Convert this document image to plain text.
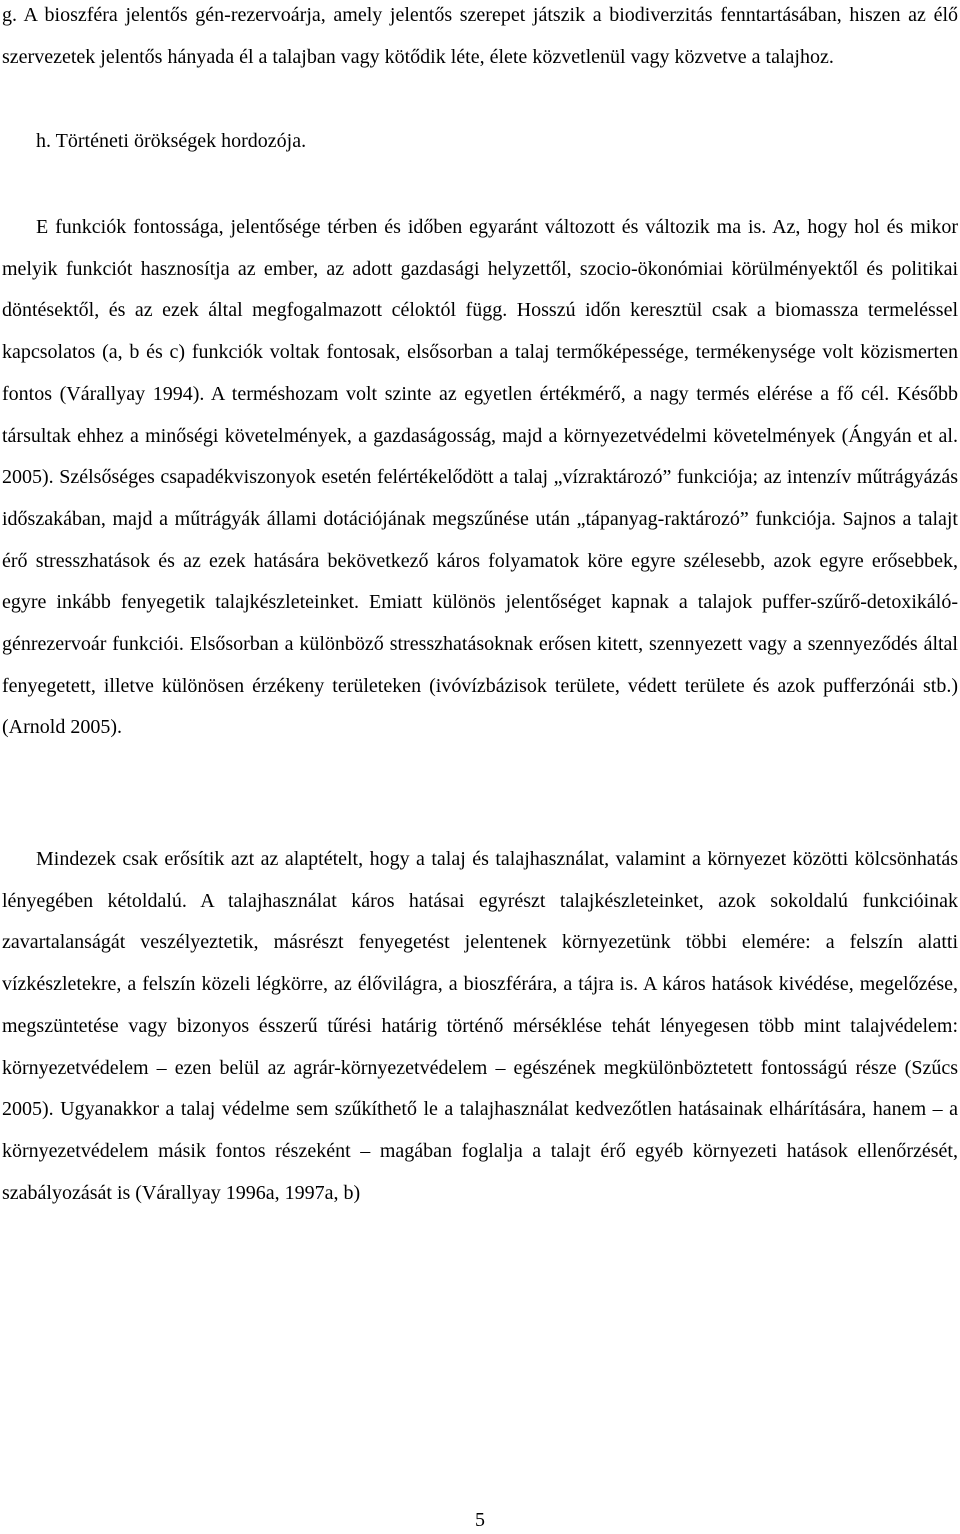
g. A bioszféra jelentős gén-rezervoárja, amely jelentős szerepet játszik a biodiverzitás fenntartásában, hiszen az élő szervezetek jelentős hányada él a talajban vagy kötődik léte, élete közvetlenül vagy közvetve a talajhoz.

h. Történeti örökségek hordozója.

E funkciók fontossága, jelentősége térben és időben egyaránt változott és változik ma is. Az, hogy hol és mikor melyik funkciót hasznosítja az ember, az adott gazdasági helyzettől, szocio-ökonómiai körülményektől és politikai döntésektől, és az ezek által megfogalmazott céloktól függ. Hosszú időn keresztül csak a biomassza termeléssel kapcsolatos (a, b és c) funkciók voltak fontosak, elsősorban a talaj termőképessége, termékenysége volt közismerten fontos (Várallyay 1994). A terméshozam volt szinte az egyetlen értékmérő, a nagy termés elérése a fő cél. Később társultak ehhez a minőségi követelmények, a gazdaságosság, majd a környezetvédelmi követelmények (Ángyán et al. 2005). Szélsőséges csapadékviszonyok esetén felértékelődött a talaj „vízraktározó” funkciója; az intenzív műtrágyázás időszakában, majd a műtrágyák állami dotációjának megszűnése után „tápanyag-raktározó” funkciója. Sajnos a talajt érő stresszhatások és az ezek hatására bekövetkező káros folyamatok köre egyre szélesebb, azok egyre erősebbek, egyre inkább fenyegetik talajkészleteinket. Emiatt különös jelentőséget kapnak a talajok puffer-szűrő-detoxikáló-génrezervoár funkciói. Elsősorban a különböző stresszhatásoknak erősen kitett, szennyezett vagy a szennyeződés által fenyegetett, illetve különösen érzékeny területeken (ivóvízbázisok területe, védett területe és azok pufferzónái stb.) (Arnold 2005).

Mindezek csak erősítik azt az alaptételt, hogy a talaj és talajhasználat, valamint a környezet közötti kölcsönhatás lényegében kétoldalú. A talajhasználat káros hatásai egyrészt talajkészleteinket, azok sokoldalú funkcióinak zavartalanságát veszélyeztetik, másrészt fenyegetést jelentenek környezetünk többi elemére: a felszín alatti vízkészletekre, a felszín közeli légkörre, az élővilágra, a bioszférára, a tájra is. A káros hatások kivédése, megelőzése, megszüntetése vagy bizonyos ésszerű tűrési határig történő mérséklése tehát lényegesen több mint talajvédelem: környezetvédelem – ezen belül az agrár-környezetvédelem – egészének megkülönböztetett fontosságú része (Szűcs 2005). Ugyanakkor a talaj védelme sem szűkíthető le a talajhasználat kedvezőtlen hatásainak elhárítására, hanem – a környezetvédelem másik fontos részeként – magában foglalja a talajt érő egyéb környezeti hatások ellenőrzését, szabályozását is (Várallyay 1996a, 1997a, b)

5
